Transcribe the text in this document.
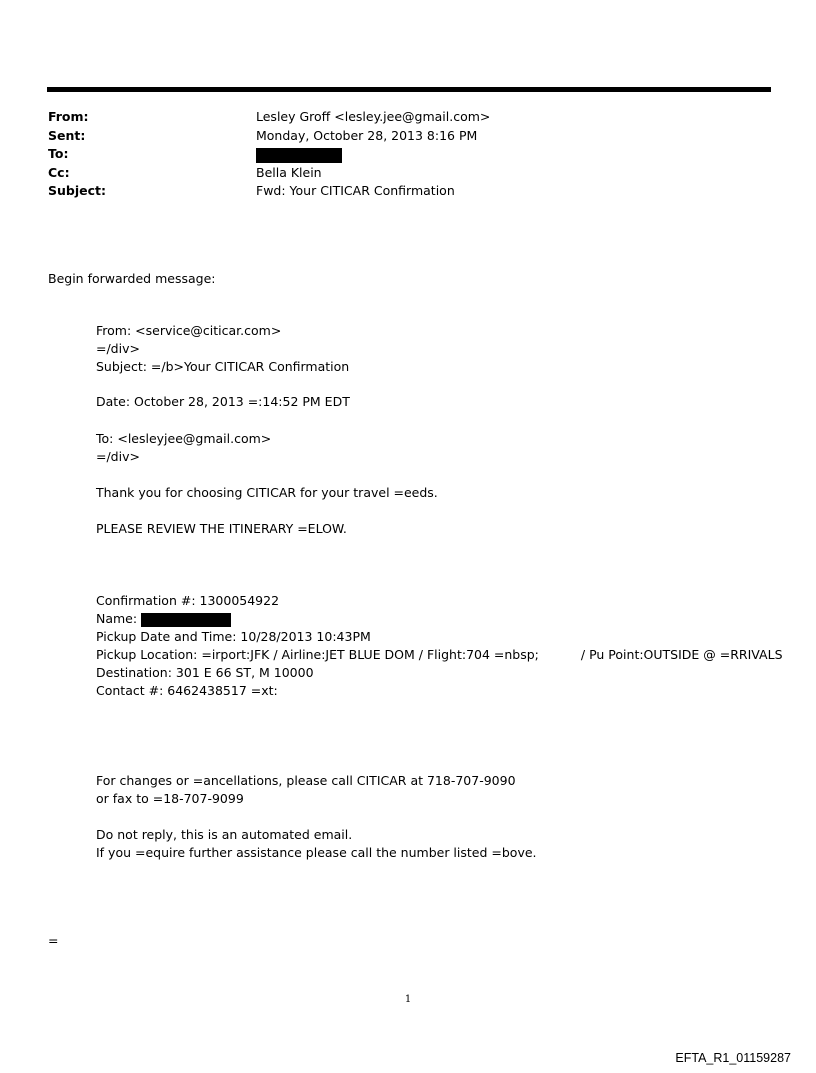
From:	Lesley Groff <lesley.jee@gmail.com>
Sent:	Monday, October 28, 2013 8:16 PM
To:
Cc:	Bella Klein
Subject:	Fwd: Your CITICAR Confirmation
Begin forwarded message:
From: <service@citicar.com>
=/div>
Subject: =/b>Your CITICAR Confirmation
Date: October 28, 2013 =:14:52 PM EDT
To: <lesleyjee@gmail.com>
=/div>
Thank you for choosing CITICAR for your travel =eeds.
PLEASE REVIEW THE ITINERARY =ELOW.
Confirmation #: 1300054922
Name:
Pickup Date and Time: 10/28/2013 10:43PM
Pickup Location: =irport:JFK / Airline:JET BLUE DOM / Flight:704 =nbsp;	/ Pu Point:OUTSIDE @ =RRIVALS
Destination: 301 E 66 ST, M 10000
Contact #: 6462438517 =xt:
For changes or =ancellations, please call CITICAR at 718-707-9090
or fax to =18-707-9099
Do not reply, this is an automated email.
If you =equire further assistance please call the number listed =bove.
=
1
EFTA_R1_01159287
